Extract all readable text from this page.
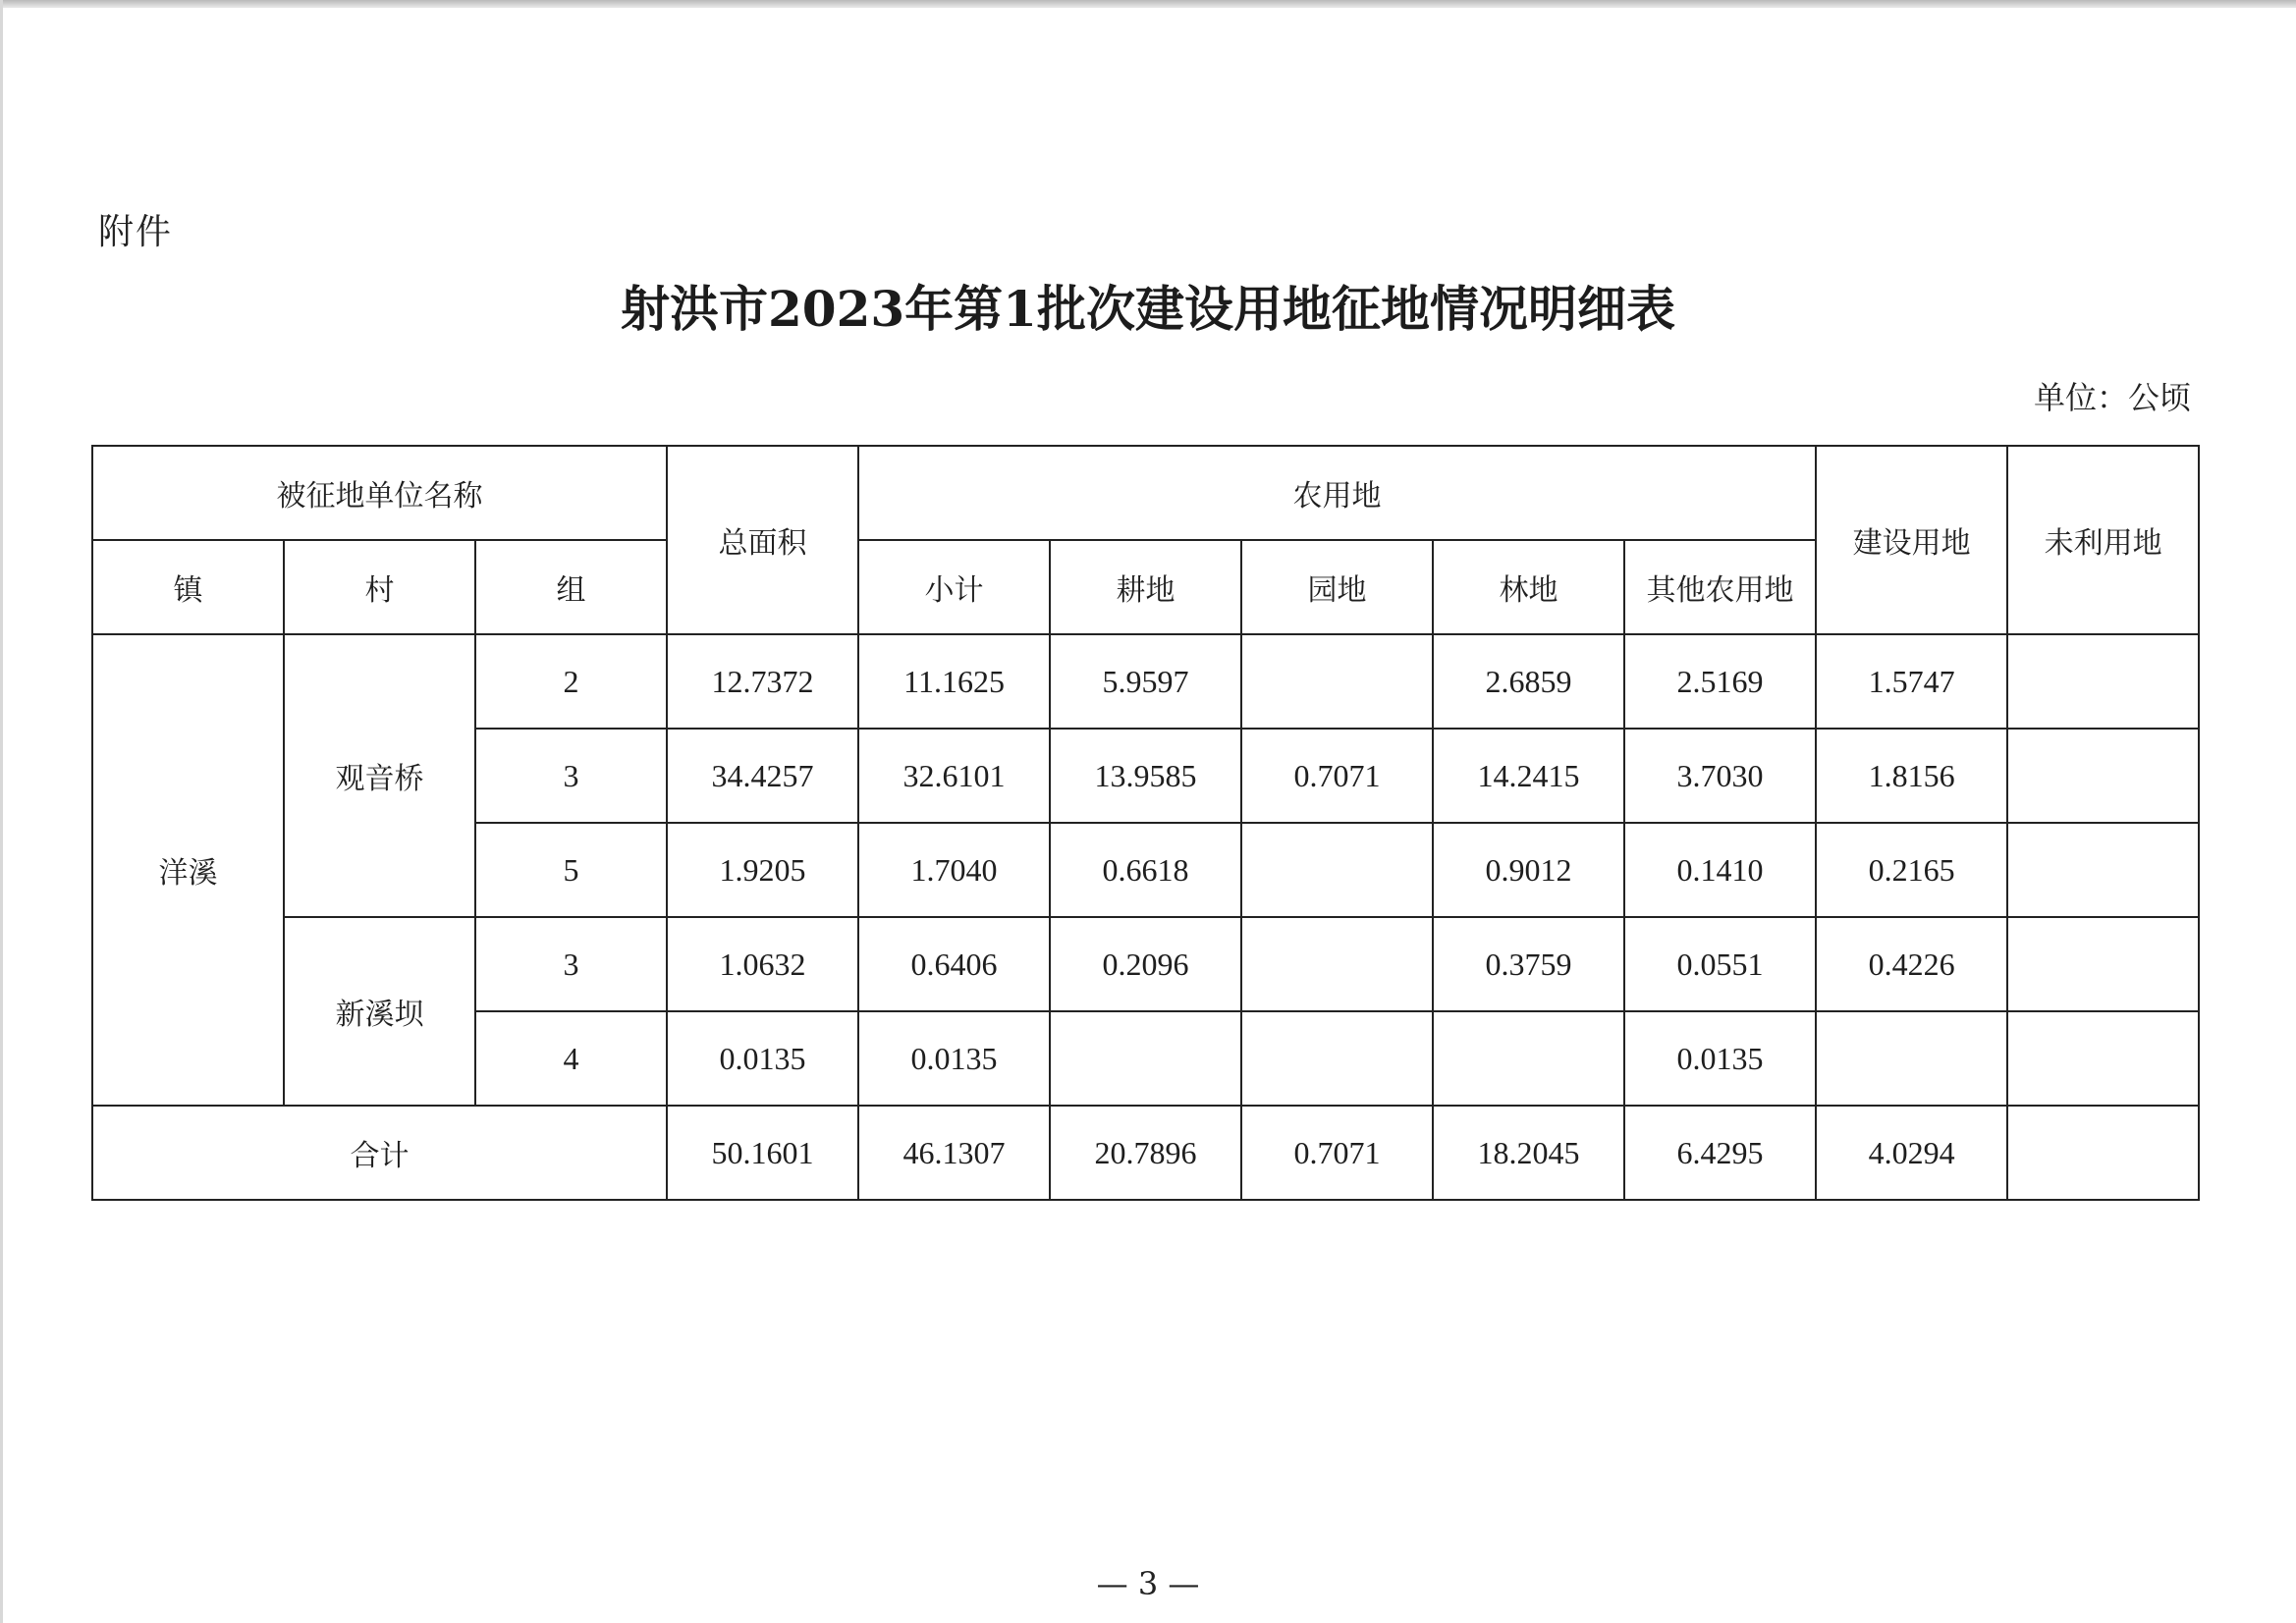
附件
射洪市2023年第1批次建设用地征地情况明细表
单位：公顷
被征地单位名称			总面积	农用地					建设用地	未利用地
镇	村	组		小计	耕地	园地	林地	其他农用地		
洋溪	观音桥	2	12.7372	11.1625	5.9597		2.6859	2.5169	1.5747	
		3	34.4257	32.6101	13.9585	0.7071	14.2415	3.7030	1.8156	
		5	1.9205	1.7040	0.6618		0.9012	0.1410	0.2165	
	新溪坝	3	1.0632	0.6406	0.2096		0.3759	0.0551	0.4226	
		4	0.0135	0.0135				0.0135		
合计			50.1601	46.1307	20.7896	0.7071	18.2045	6.4295	4.0294	
— 3 —
